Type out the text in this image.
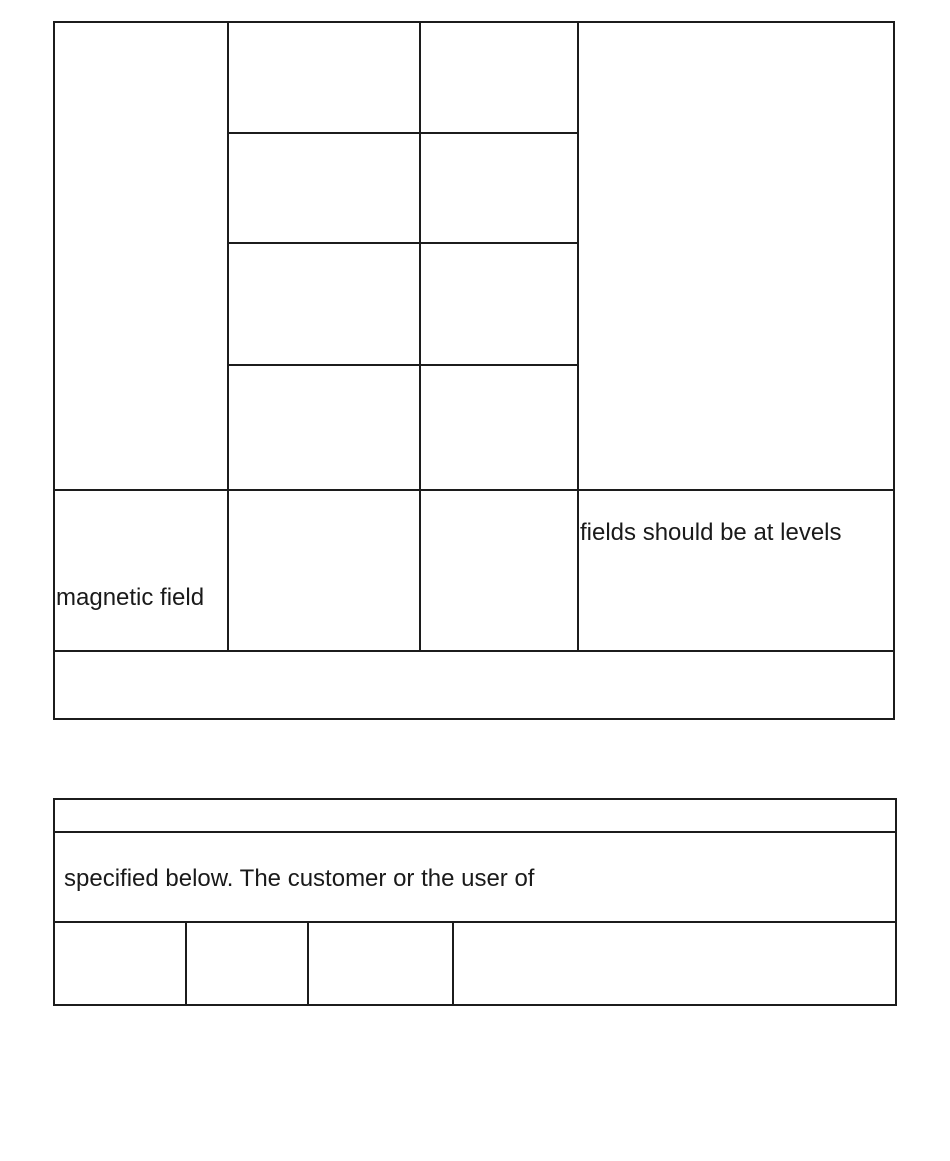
magnetic field
fields should be at levels
specified below. The customer or the user of
